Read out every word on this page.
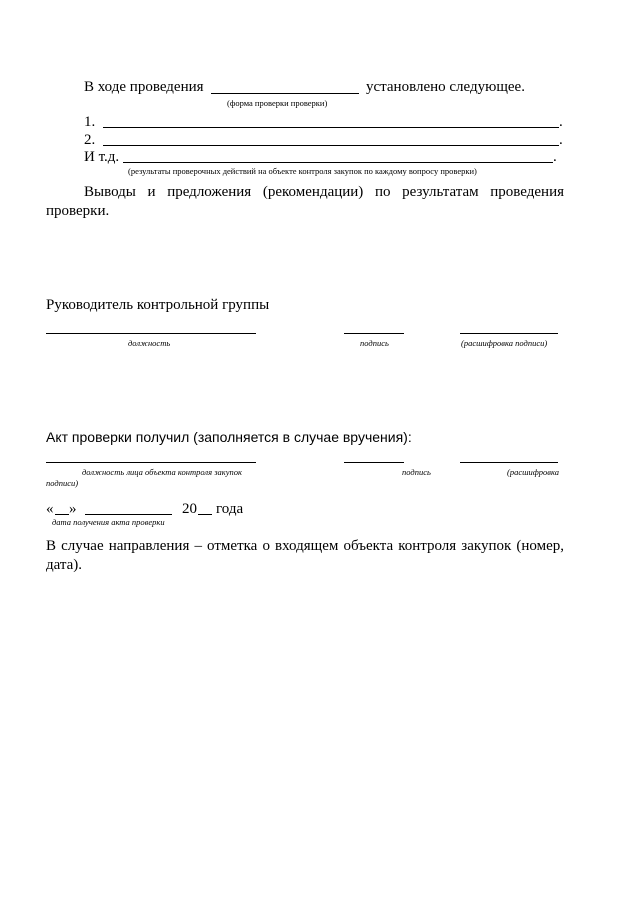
В ходе проведения	установлено следующее.
(форма проверки проверки)
1.	.
2.	.
И т.д.	.
(результаты проверочных действий на объекте контроля закупок по каждому вопросу проверки)
Выводы и предложения (рекомендации) по результатам проведения проверки.
Руководитель контрольной группы
должность	подпись	(расшифровка подписи)
Акт проверки получил (заполняется в случае вручения):
должность лица объекта контроля закупок	подпись	(расшифровка
подписи)
« »	20 года
дата получения акта проверки
В случае направления – отметка о входящем объекта контроля закупок (номер, дата).
